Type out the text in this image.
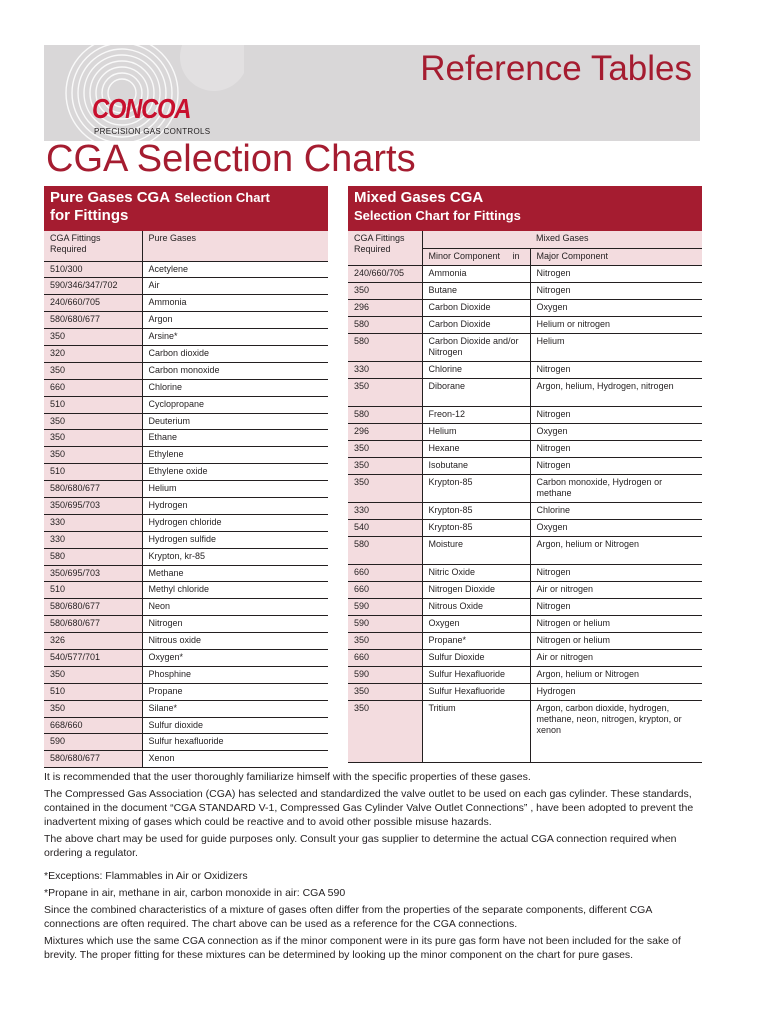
CONCOA
PRECISION GAS CONTROLS
Reference Tables
CGA Selection Charts
Pure Gases CGA Selection Chart
for Fittings
CGA Fittings Required	Pure Gases
510/300	Acetylene
590/346/347/702	Air
240/660/705	Ammonia
580/680/677	Argon
350	Arsine*
320	Carbon dioxide
350	Carbon monoxide
660	Chlorine
510	Cyclopropane
350	Deuterium
350	Ethane
350	Ethylene
510	Ethylene oxide
580/680/677	Helium
350/695/703	Hydrogen
330	Hydrogen chloride
330	Hydrogen sulfide
580	Krypton, kr-85
350/695/703	Methane
510	Methyl chloride
580/680/677	Neon
580/680/677	Nitrogen
326	Nitrous oxide
540/577/701	Oxygen*
350	Phosphine
510	Propane
350	Silane*
668/660	Sulfur dioxide
590	Sulfur hexafluoride
580/680/677	Xenon
Mixed Gases CGA
Selection Chart for Fittings
CGA Fittings Required	Mixed Gases	
	Minor Component in	Major Component
240/660/705	Ammonia	Nitrogen
350	Butane	Nitrogen
296	Carbon Dioxide	Oxygen
580	Carbon Dioxide	Helium or nitrogen
580	Carbon Dioxide and/or Nitrogen	Helium
330	Chlorine	Nitrogen
350	Diborane	Argon, helium, Hydrogen, nitrogen
580	Freon-12	Nitrogen
296	Helium	Oxygen
350	Hexane	Nitrogen
350	Isobutane	Nitrogen
350	Krypton-85	Carbon monoxide, Hydrogen or methane
330	Krypton-85	Chlorine
540	Krypton-85	Oxygen
580	Moisture	Argon, helium or Nitrogen
660	Nitric Oxide	Nitrogen
660	Nitrogen Dioxide	Air or nitrogen
590	Nitrous Oxide	Nitrogen
590	Oxygen	Nitrogen or helium
350	Propane*	Nitrogen or helium
660	Sulfur Dioxide	Air or nitrogen
590	Sulfur Hexafluoride	Argon, helium or Nitrogen
350	Sulfur Hexafluoride	Hydrogen
350	Tritium	Argon, carbon dioxide, hydrogen, methane, neon, nitrogen, krypton, or xenon

It is recommended that the user thoroughly familiarize himself with the specific properties of these gases.

The Compressed Gas Association (CGA) has selected and standardized the valve outlet to be used on each gas cylinder. These standards, contained in the document “CGA STANDARD V-1, Compressed Gas Cylinder Valve Outlet Connections” , have been adopted to prevent the inadvertent mixing of gases which could be reactive and to avoid other possible misuse hazards.

The above chart may be used for guide purposes only. Consult your gas supplier to determine the actual CGA connection required when ordering a regulator.

*Exceptions: Flammables in Air or Oxidizers

*Propane in air, methane in air, carbon monoxide in air: CGA 590

Since the combined characteristics of a mixture of gases often differ from the properties of the separate components, different CGA connections are often required. The chart above can be used as a reference for the CGA connections.

Mixtures which use the same CGA connection as if the minor component were in its pure gas form have not been included for the sake of brevity. The proper fitting for these mixtures can be determined by looking up the minor component on the chart for pure gases.
